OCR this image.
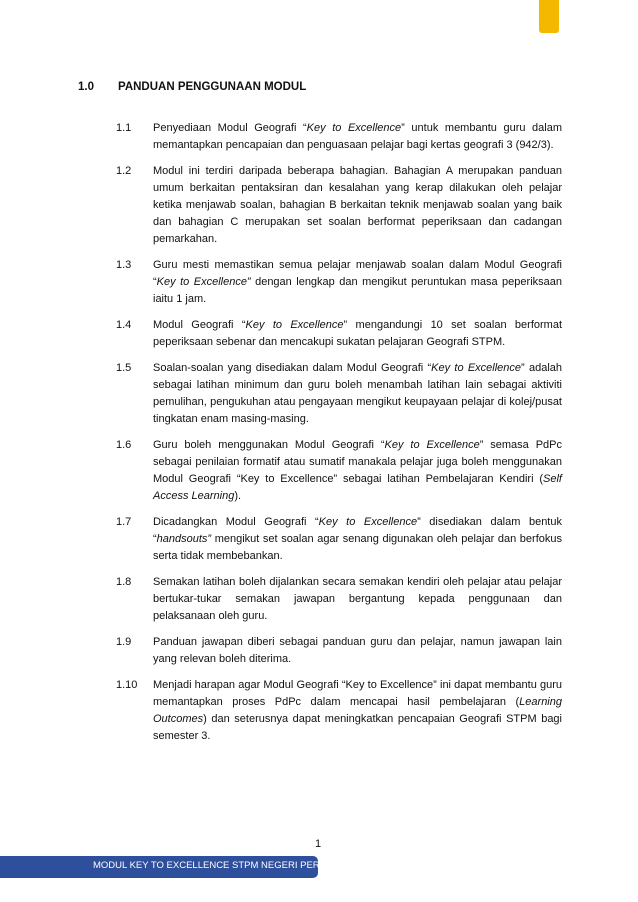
1.0	PANDUAN PENGGUNAAN MODUL
1.1	Penyediaan Modul Geografi “Key to Excellence” untuk membantu guru dalam memantapkan pencapaian dan penguasaan pelajar bagi kertas geografi 3 (942/3).
1.2	Modul ini terdiri daripada beberapa bahagian. Bahagian A merupakan panduan umum berkaitan pentaksiran dan kesalahan yang kerap dilakukan oleh pelajar ketika menjawab soalan, bahagian B berkaitan teknik menjawab soalan yang baik dan bahagian C merupakan set soalan berformat peperiksaan dan cadangan pemarkahan.
1.3	Guru mesti memastikan semua pelajar menjawab soalan dalam Modul Geografi “Key to Excellence” dengan lengkap dan mengikut peruntukan masa peperiksaan iaitu 1 jam.
1.4	Modul Geografi “Key to Excellence” mengandungi 10 set soalan berformat peperiksaan sebenar dan mencakupi sukatan pelajaran Geografi STPM.
1.5	Soalan-soalan yang disediakan dalam Modul Geografi “Key to Excellence” adalah sebagai latihan minimum dan guru boleh menambah latihan lain sebagai aktiviti pemulihan, pengukuhan atau pengayaan mengikut keupayaan pelajar di kolej/pusat tingkatan enam masing-masing.
1.6	Guru boleh menggunakan Modul Geografi “Key to Excellence” semasa PdPc sebagai penilaian formatif atau sumatif manakala pelajar juga boleh menggunakan Modul Geografi “Key to Excellence” sebagai latihan Pembelajaran Kendiri (Self Access Learning).
1.7	Dicadangkan Modul Geografi “Key to Excellence” disediakan dalam bentuk “handsouts” mengikut set soalan agar senang digunakan oleh pelajar dan berfokus serta tidak membebankan.
1.8	Semakan latihan boleh dijalankan secara semakan kendiri oleh pelajar atau pelajar bertukar-tukar semakan jawapan bergantung kepada penggunaan dan pelaksanaan oleh guru.
1.9	Panduan jawapan diberi sebagai panduan guru dan pelajar, namun jawapan lain yang relevan boleh diterima.
1.10	Menjadi harapan agar Modul Geografi “Key to Excellence” ini dapat membantu guru memantapkan proses PdPc dalam mencapai hasil pembelajaran (Learning Outcomes) dan seterusnya dapat meningkatkan pencapaian Geografi STPM bagi semester 3.
1
MODUL KEY TO EXCELLENCE STPM NEGERI PERAK
